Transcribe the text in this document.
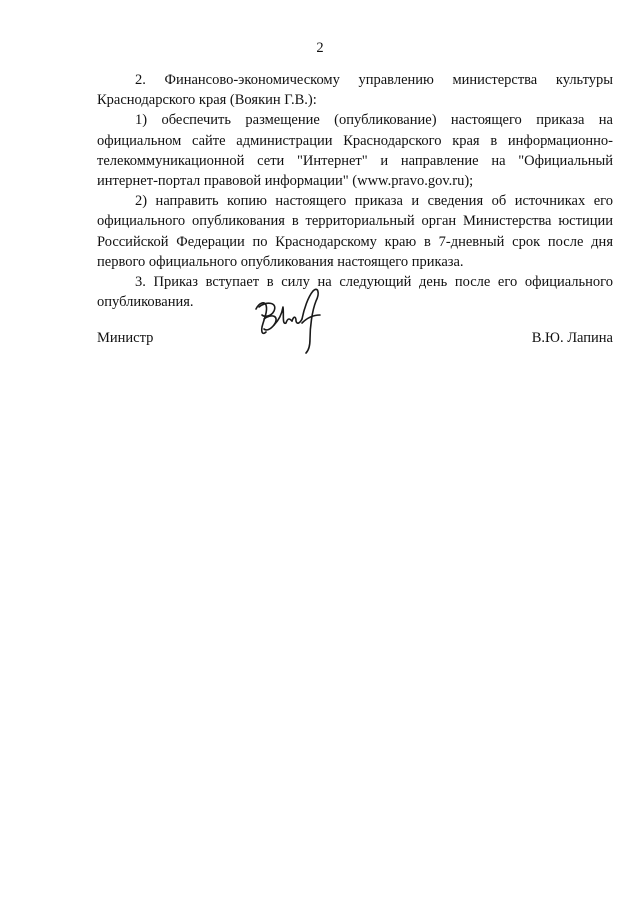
2

2. Финансово-экономическому управлению министерства культуры Краснодарского края (Воякин Г.В.):

1) обеспечить размещение (опубликование) настоящего приказа на официальном сайте администрации Краснодарского края в информационно-телекоммуникационной сети "Интернет" и направление на "Официальный интернет-портал правовой информации" (www.pravo.gov.ru);

2) направить копию настоящего приказа и сведения об источниках его официального опубликования в территориальный орган Министерства юстиции Российской Федерации по Краснодарскому краю в 7-дневный срок после дня первого официального опубликования настоящего приказа.

3. Приказ вступает в силу на следующий день после его официального опубликования.

Министр	В.Ю. Лапина
